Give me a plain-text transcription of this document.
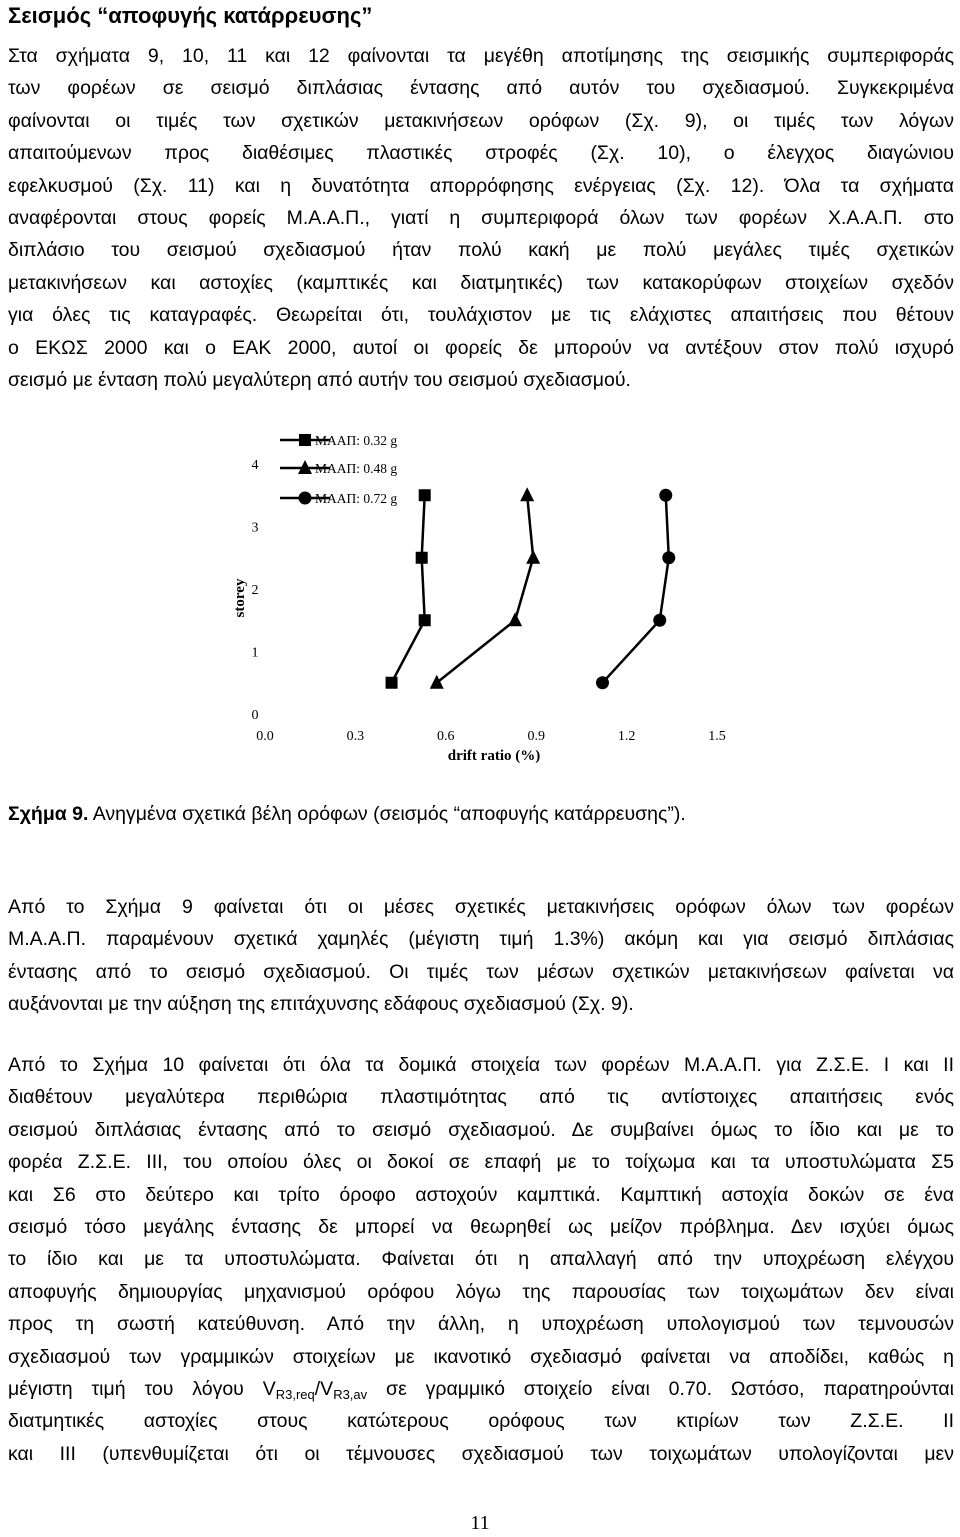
Σεισμός “αποφυγής κατάρρευσης”
Στα σχήματα 9, 10, 11 και 12 φαίνονται τα μεγέθη αποτίμησης της σεισμικής συμπεριφοράς
των φορέων σε σεισμό διπλάσιας έντασης από αυτόν του σχεδιασμού. Συγκεκριμένα
φαίνονται οι τιμές των σχετικών μετακινήσεων ορόφων (Σχ. 9), οι τιμές των λόγων
απαιτούμενων προς διαθέσιμες πλαστικές στροφές (Σχ. 10), ο έλεγχος διαγώνιου
εφελκυσμού (Σχ. 11) και η δυνατότητα απορρόφησης ενέργειας (Σχ. 12). Όλα τα σχήματα
αναφέρονται στους φορείς Μ.Α.Α.Π., γιατί η συμπεριφορά όλων των φορέων Χ.Α.Α.Π. στο
διπλάσιο του σεισμού σχεδιασμού ήταν πολύ κακή με πολύ μεγάλες τιμές σχετικών
μετακινήσεων και αστοχίες (καμπτικές και διατμητικές) των κατακορύφων στοιχείων σχεδόν
για όλες τις καταγραφές. Θεωρείται ότι, τουλάχιστον με τις ελάχιστες απαιτήσεις που θέτουν
ο ΕΚΩΣ 2000 και ο ΕΑΚ 2000, αυτοί οι φορείς δε μπορούν να αντέξουν στον πολύ ισχυρό
σεισμό με ένταση πολύ μεγαλύτερη από αυτήν του σεισμού σχεδιασμού.
0.0	0.3	0.6	0.9	1.2	1.5
0
1
2
3
4
drift ratio (%)
storey
ΜΑΑΠ: 0.32 g
ΜΑΑΠ: 0.48 g
ΜΑΑΠ: 0.72 g
Σχήμα 9. Ανηγμένα σχετικά βέλη ορόφων (σεισμός “αποφυγής κατάρρευσης”).
Από το Σχήμα 9 φαίνεται ότι οι μέσες σχετικές μετακινήσεις ορόφων όλων των φορέων
Μ.Α.Α.Π. παραμένουν σχετικά χαμηλές (μέγιστη τιμή 1.3%) ακόμη και για σεισμό διπλάσιας
έντασης από το σεισμό σχεδιασμού. Οι τιμές των μέσων σχετικών μετακινήσεων φαίνεται να
αυξάνονται με την αύξηση της επιτάχυνσης εδάφους σχεδιασμού (Σχ. 9).
Από το Σχήμα 10 φαίνεται ότι όλα τα δομικά στοιχεία των φορέων Μ.Α.Α.Π. για Ζ.Σ.Ε. Ι και ΙΙ
διαθέτουν μεγαλύτερα περιθώρια πλαστιμότητας από τις αντίστοιχες απαιτήσεις ενός
σεισμού διπλάσιας έντασης από το σεισμό σχεδιασμού. Δε συμβαίνει όμως το ίδιο και με το
φορέα Ζ.Σ.Ε. ΙΙΙ, του οποίου όλες οι δοκοί σε επαφή με το τοίχωμα και τα υποστυλώματα Σ5
και Σ6 στο δεύτερο και τρίτο όροφο αστοχούν καμπτικά. Καμπτική αστοχία δοκών σε ένα
σεισμό τόσο μεγάλης έντασης δε μπορεί να θεωρηθεί ως μείζον πρόβλημα. Δεν ισχύει όμως
το ίδιο και με τα υποστυλώματα. Φαίνεται ότι η απαλλαγή από την υποχρέωση ελέγχου
αποφυγής δημιουργίας μηχανισμού ορόφου λόγω της παρουσίας των τοιχωμάτων δεν είναι
προς τη σωστή κατεύθυνση. Από την άλλη, η υποχρέωση υπολογισμού των τεμνουσών
σχεδιασμού των γραμμικών στοιχείων με ικανοτικό σχεδιασμό φαίνεται να αποδίδει, καθώς η
μέγιστη τιμή του λόγου $V_{R3,req}/V_{R3,av}$ σε γραμμικό στοιχείο είναι 0.70. Ωστόσο, παρατηρούνται
διατμητικές αστοχίες στους κατώτερους ορόφους των κτιρίων των Ζ.Σ.Ε. ΙΙ
και ΙΙΙ (υπενθυμίζεται ότι οι τέμνουσες σχεδιασμού των τοιχωμάτων υπολογίζονται μεν
11
